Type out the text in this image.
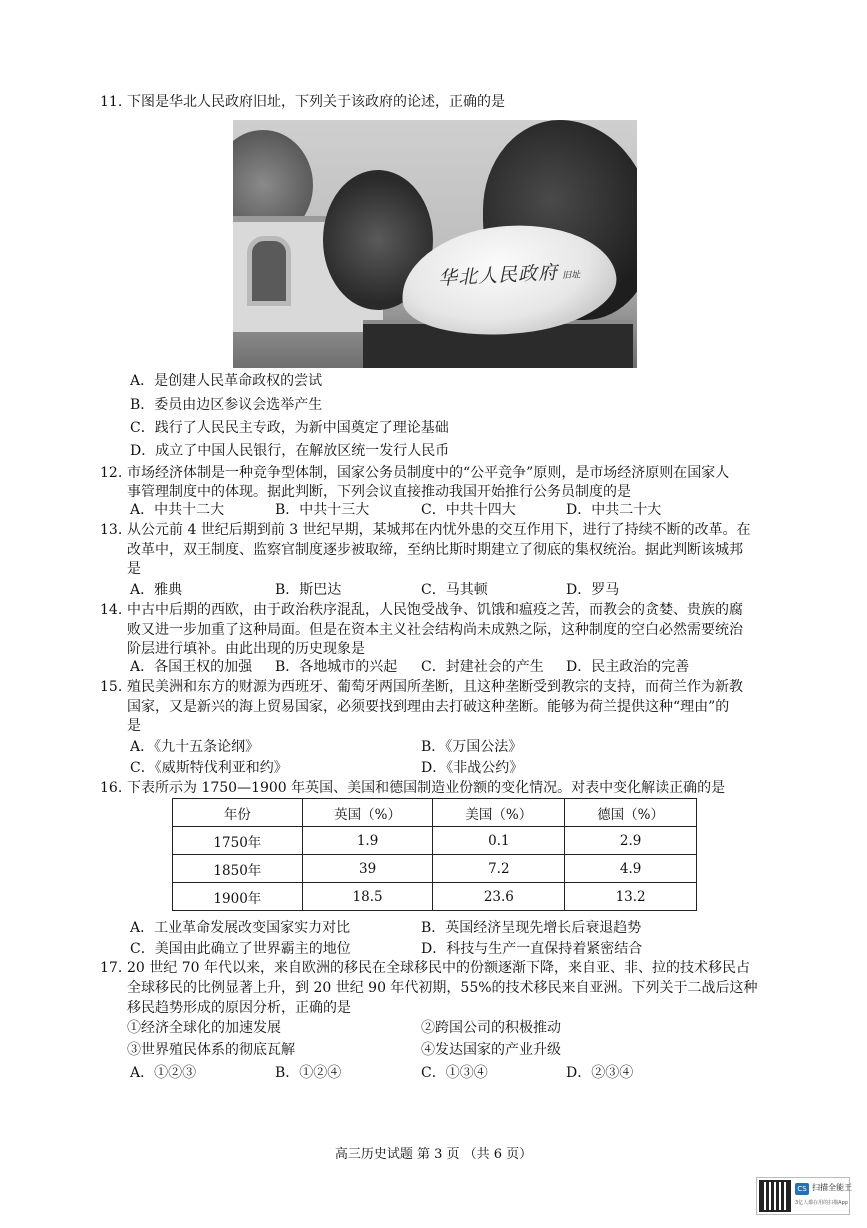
11. 下图是华北人民政府旧址，下列关于该政府的论述，正确的是
华北人民政府 旧址
A．是创建人民革命政权的尝试
B．委员由边区参议会选举产生
C．践行了人民民主专政，为新中国奠定了理论基础
D．成立了中国人民银行，在解放区统一发行人民币
12. 市场经济体制是一种竞争型体制，国家公务员制度中的“公平竞争”原则，是市场经济原则在国家人
事管理制度中的体现。据此判断，下列会议直接推动我国开始推行公务员制度的是
A．中共十二大	B．中共十三大	C．中共十四大	D．中共二十大
13. 从公元前 4 世纪后期到前 3 世纪早期，某城邦在内忧外患的交互作用下，进行了持续不断的改革。在
改革中，双王制度、监察官制度逐步被取缔，至纳比斯时期建立了彻底的集权统治。据此判断该城邦
是
A．雅典	B．斯巴达	C．马其顿	D．罗马
14. 中古中后期的西欧，由于政治秩序混乱，人民饱受战争、饥饿和瘟疫之苦，而教会的贪婪、贵族的腐
败又进一步加重了这种局面。但是在资本主义社会结构尚未成熟之际，这种制度的空白必然需要统治
阶层进行填补。由此出现的历史现象是
A．各国王权的加强 B．各地城市的兴起 C．封建社会的产生 D．民主政治的完善
15. 殖民美洲和东方的财源为西班牙、葡萄牙两国所垄断，且这种垄断受到教宗的支持，而荷兰作为新教
国家，又是新兴的海上贸易国家，必须要找到理由去打破这种垄断。能够为荷兰提供这种“理由”的
是
A．《九十五条论纲》	B．《万国公法》
C．《威斯特伐利亚和约》	D．《非战公约》
16. 下表所示为 1750—1900 年英国、美国和德国制造业份额的变化情况。对表中变化解读正确的是
年份	英国（%）	美国（%）	德国（%）
1750年	1.9	0.1	2.9
1850年	39	7.2	4.9
1900年	18.5	23.6	13.2
A．工业革命发展改变国家实力对比	B．英国经济呈现先增长后衰退趋势
C．美国由此确立了世界霸主的地位	D．科技与生产一直保持着紧密结合
17. 20 世纪 70 年代以来，来自欧洲的移民在全球移民中的份额逐渐下降，来自亚、非、拉的技术移民占
全球移民的比例显著上升，到 20 世纪 90 年代初期，55%的技术移民来自亚洲。下列关于二战后这种
移民趋势形成的原因分析，正确的是
①经济全球化的加速发展	②跨国公司的积极推动
③世界殖民体系的彻底瓦解	④发达国家的产业升级
A．①②③	B．①②④	C．①③④	D．②③④
高三历史试题 第 3 页 （共 6 页）
CS 扫描全能王
3亿人都在用的扫描App
